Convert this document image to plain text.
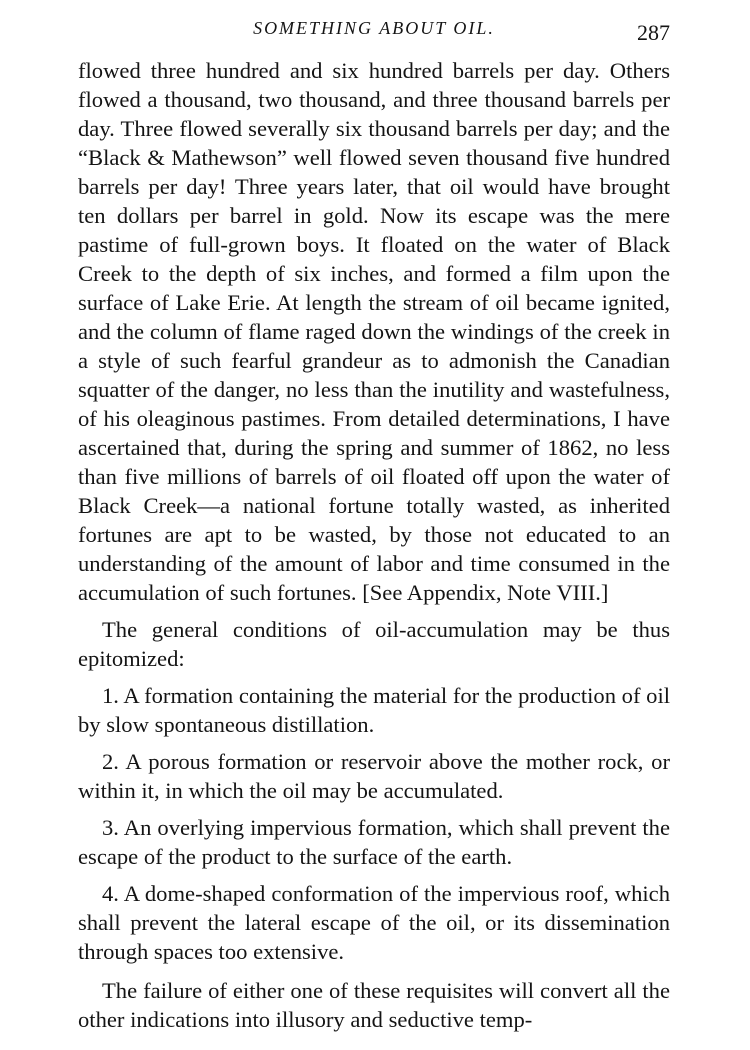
SOMETHING ABOUT OIL.	287

flowed three hundred and six hundred barrels per day. Others flowed a thousand, two thousand, and three thousand barrels per day. Three flowed severally six thousand barrels per day; and the “Black & Mathewson” well flowed seven thousand five hundred barrels per day! Three years later, that oil would have brought ten dollars per barrel in gold. Now its escape was the mere pastime of full-grown boys. It floated on the water of Black Creek to the depth of six inches, and formed a film upon the surface of Lake Erie. At length the stream of oil became ignited, and the column of flame raged down the windings of the creek in a style of such fearful grandeur as to admonish the Canadian squatter of the danger, no less than the inutility and wastefulness, of his oleaginous pastimes. From detailed determinations, I have ascertained that, during the spring and summer of 1862, no less than five millions of barrels of oil floated off upon the water of Black Creek—a national fortune totally wasted, as inherited fortunes are apt to be wasted, by those not educated to an understanding of the amount of labor and time consumed in the accumulation of such fortunes. [See Appendix, Note VIII.]

The general conditions of oil-accumulation may be thus epitomized:

1. A formation containing the material for the production of oil by slow spontaneous distillation.

2. A porous formation or reservoir above the mother rock, or within it, in which the oil may be accumulated.

3. An overlying impervious formation, which shall prevent the escape of the product to the surface of the earth.

4. A dome-shaped conformation of the impervious roof, which shall prevent the lateral escape of the oil, or its dissemination through spaces too extensive.

The failure of either one of these requisites will convert all the other indications into illusory and seductive temp-
